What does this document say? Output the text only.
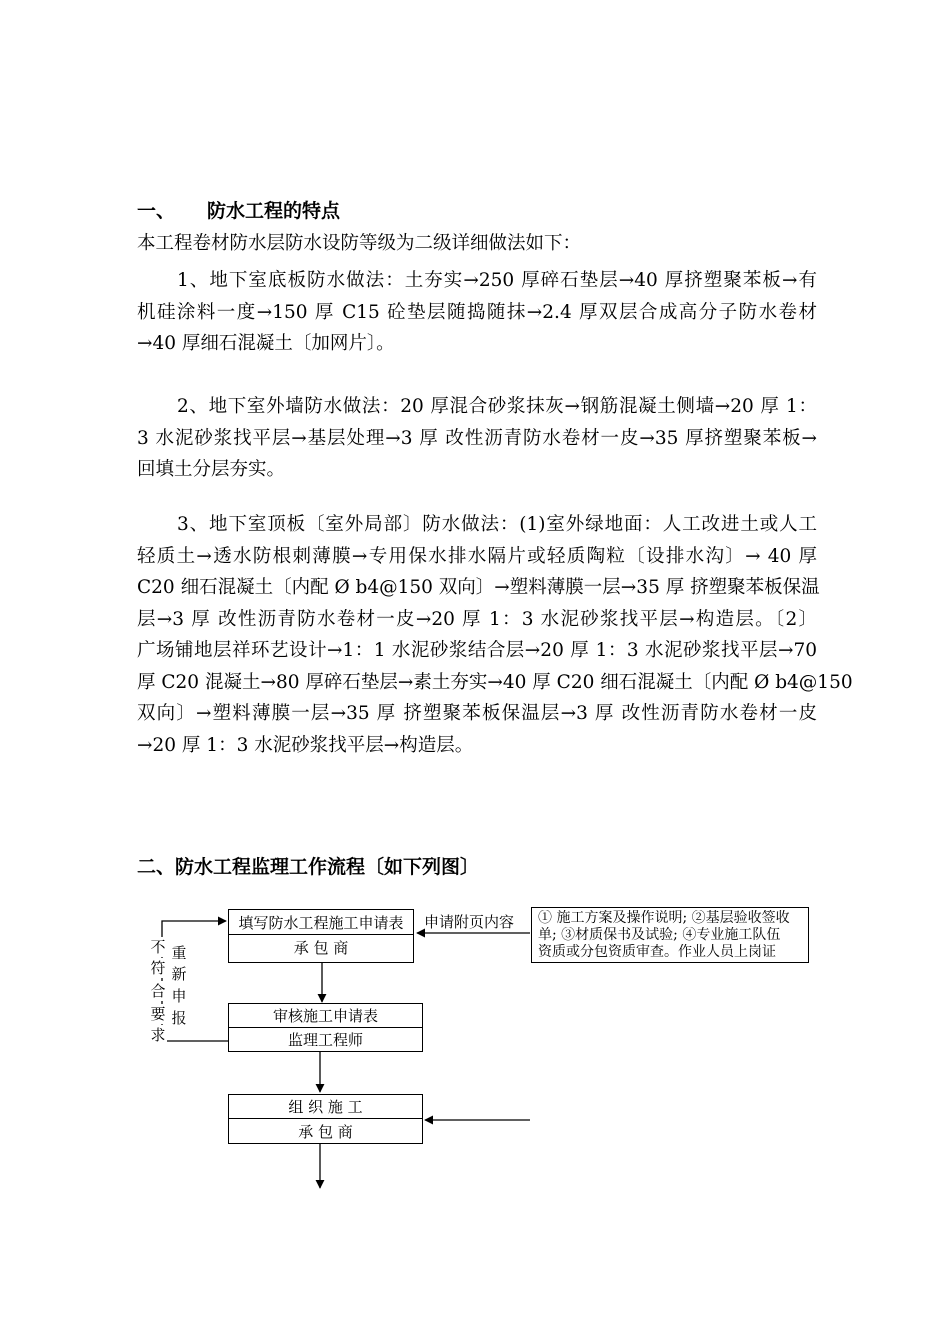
一、 防水工程的特点
本工程卷材防水层防水设防等级为二级详细做法如下：
1、地下室底板防水做法：土夯实→250 厚碎石垫层→40 厚挤塑聚苯板→有
机硅涂料一度→150 厚 C15 砼垫层随捣随抹→2.4 厚双层合成高分子防水卷材
→40 厚细石混凝土〔加网片〕。
2、地下室外墙防水做法：20 厚混合砂浆抹灰→钢筋混凝土侧墙→20 厚 1：
3 水泥砂浆找平层→基层处理→3 厚 改性沥青防水卷材一皮→35 厚挤塑聚苯板→
回填土分层夯实。
3、地下室顶板〔室外局部〕防水做法：(1)室外绿地面：人工改进土或人工
轻质土→透水防根刺薄膜→专用保水排水隔片或轻质陶粒〔设排水沟〕→ 40 厚
C20 细石混凝土〔内配 Ø b4@150 双向〕→塑料薄膜一层→35 厚 挤塑聚苯板保温
层→3 厚 改性沥青防水卷材一皮→20 厚 1：3 水泥砂浆找平层→构造层。〔2〕
广场铺地层祥环艺设计→1：1 水泥砂浆结合层→20 厚 1：3 水泥砂浆找平层→70
厚 C20 混凝土→80 厚碎石垫层→素土夯实→40 厚 C20 细石混凝土〔内配 Ø b4@150
双向〕→塑料薄膜一层→35 厚 挤塑聚苯板保温层→3 厚 改性沥青防水卷材一皮
→20 厚 1：3 水泥砂浆找平层→构造层。
二、防水工程监理工作流程〔如下列图〕
填写防水工程施工申请表
承 包 商
申请附页内容 ① 施工方案及操作说明; ②基层验收签收
单; ③材质保书及试验; ④专业施工队伍
资质或分包资质审查。作业人员上岗证
审核施工申请表
监理工程师
组 织 施 工
承 包 商
不
符
合
要
求
重
新
申
报
